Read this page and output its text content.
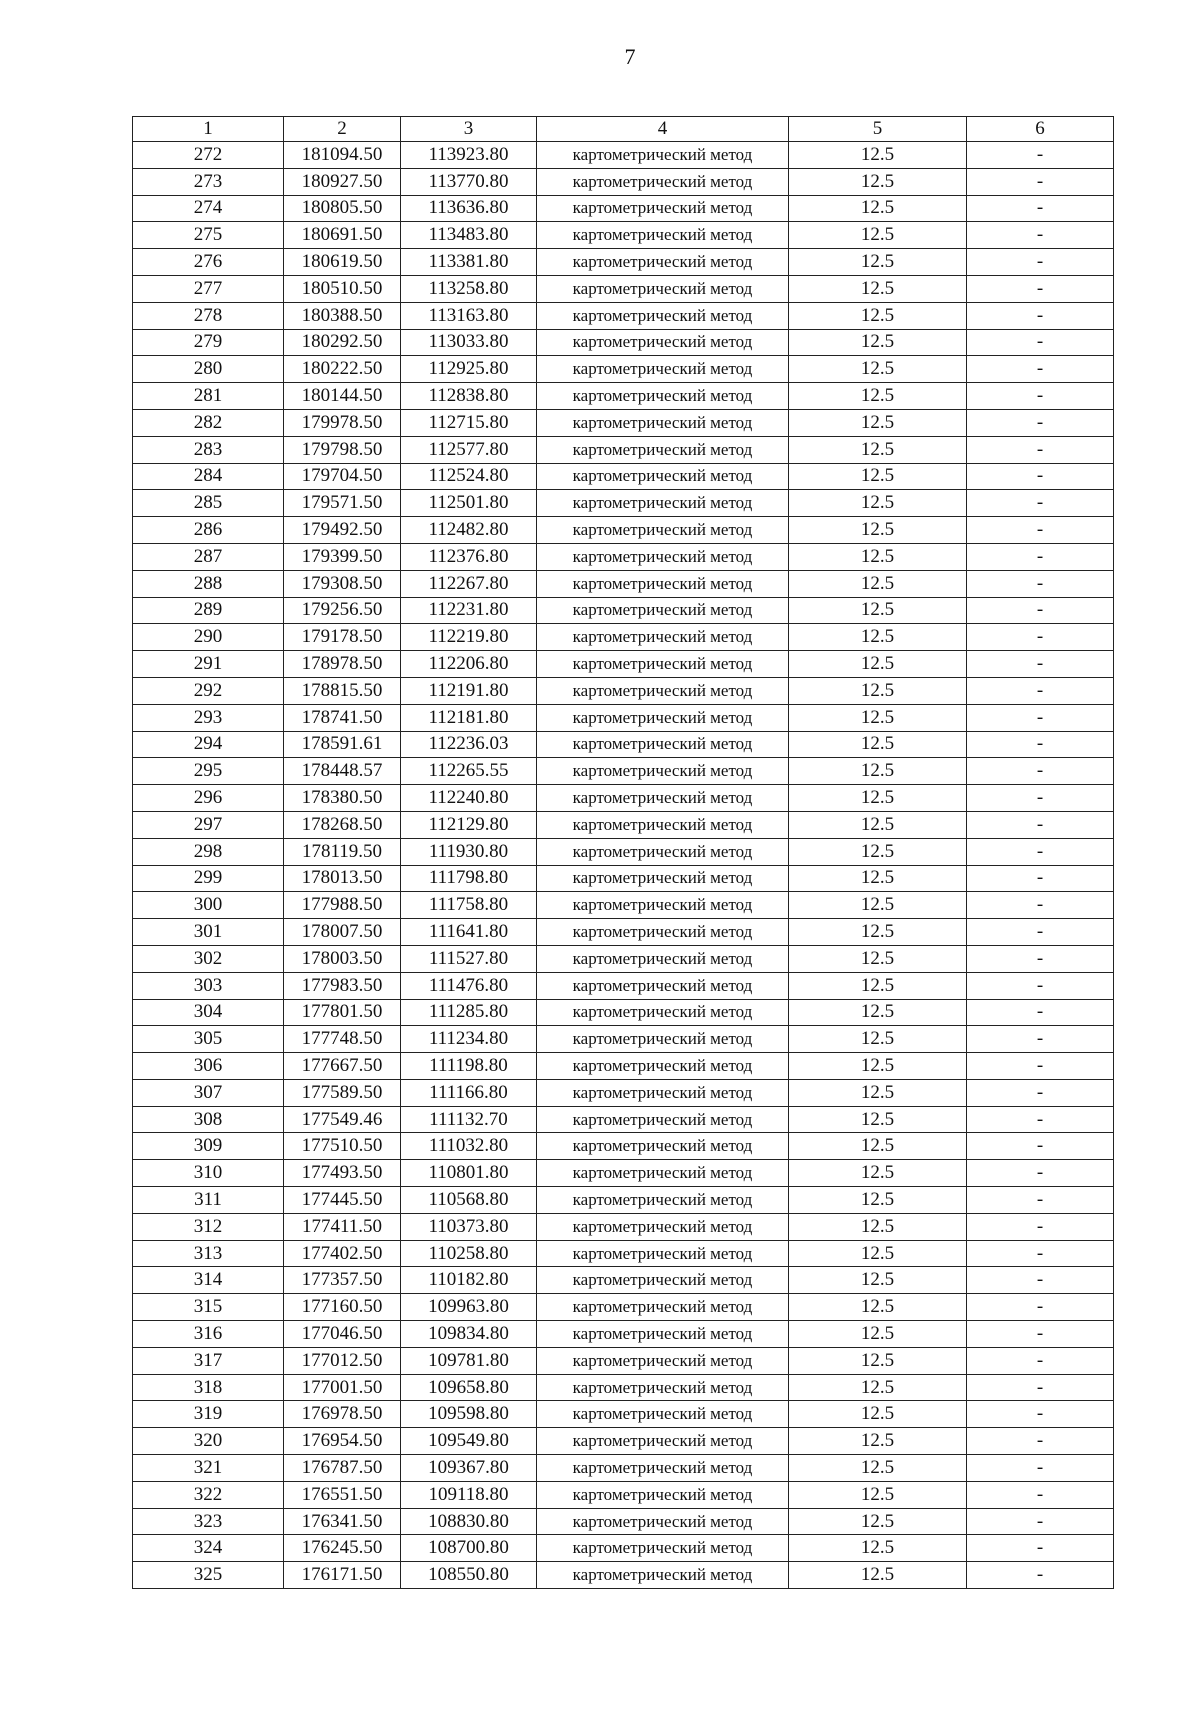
7
1	2	3	4	5	6
272	181094.50	113923.80	картометрический метод	12.5	-
273	180927.50	113770.80	картометрический метод	12.5	-
274	180805.50	113636.80	картометрический метод	12.5	-
275	180691.50	113483.80	картометрический метод	12.5	-
276	180619.50	113381.80	картометрический метод	12.5	-
277	180510.50	113258.80	картометрический метод	12.5	-
278	180388.50	113163.80	картометрический метод	12.5	-
279	180292.50	113033.80	картометрический метод	12.5	-
280	180222.50	112925.80	картометрический метод	12.5	-
281	180144.50	112838.80	картометрический метод	12.5	-
282	179978.50	112715.80	картометрический метод	12.5	-
283	179798.50	112577.80	картометрический метод	12.5	-
284	179704.50	112524.80	картометрический метод	12.5	-
285	179571.50	112501.80	картометрический метод	12.5	-
286	179492.50	112482.80	картометрический метод	12.5	-
287	179399.50	112376.80	картометрический метод	12.5	-
288	179308.50	112267.80	картометрический метод	12.5	-
289	179256.50	112231.80	картометрический метод	12.5	-
290	179178.50	112219.80	картометрический метод	12.5	-
291	178978.50	112206.80	картометрический метод	12.5	-
292	178815.50	112191.80	картометрический метод	12.5	-
293	178741.50	112181.80	картометрический метод	12.5	-
294	178591.61	112236.03	картометрический метод	12.5	-
295	178448.57	112265.55	картометрический метод	12.5	-
296	178380.50	112240.80	картометрический метод	12.5	-
297	178268.50	112129.80	картометрический метод	12.5	-
298	178119.50	111930.80	картометрический метод	12.5	-
299	178013.50	111798.80	картометрический метод	12.5	-
300	177988.50	111758.80	картометрический метод	12.5	-
301	178007.50	111641.80	картометрический метод	12.5	-
302	178003.50	111527.80	картометрический метод	12.5	-
303	177983.50	111476.80	картометрический метод	12.5	-
304	177801.50	111285.80	картометрический метод	12.5	-
305	177748.50	111234.80	картометрический метод	12.5	-
306	177667.50	111198.80	картометрический метод	12.5	-
307	177589.50	111166.80	картометрический метод	12.5	-
308	177549.46	111132.70	картометрический метод	12.5	-
309	177510.50	111032.80	картометрический метод	12.5	-
310	177493.50	110801.80	картометрический метод	12.5	-
311	177445.50	110568.80	картометрический метод	12.5	-
312	177411.50	110373.80	картометрический метод	12.5	-
313	177402.50	110258.80	картометрический метод	12.5	-
314	177357.50	110182.80	картометрический метод	12.5	-
315	177160.50	109963.80	картометрический метод	12.5	-
316	177046.50	109834.80	картометрический метод	12.5	-
317	177012.50	109781.80	картометрический метод	12.5	-
318	177001.50	109658.80	картометрический метод	12.5	-
319	176978.50	109598.80	картометрический метод	12.5	-
320	176954.50	109549.80	картометрический метод	12.5	-
321	176787.50	109367.80	картометрический метод	12.5	-
322	176551.50	109118.80	картометрический метод	12.5	-
323	176341.50	108830.80	картометрический метод	12.5	-
324	176245.50	108700.80	картометрический метод	12.5	-
325	176171.50	108550.80	картометрический метод	12.5	-
